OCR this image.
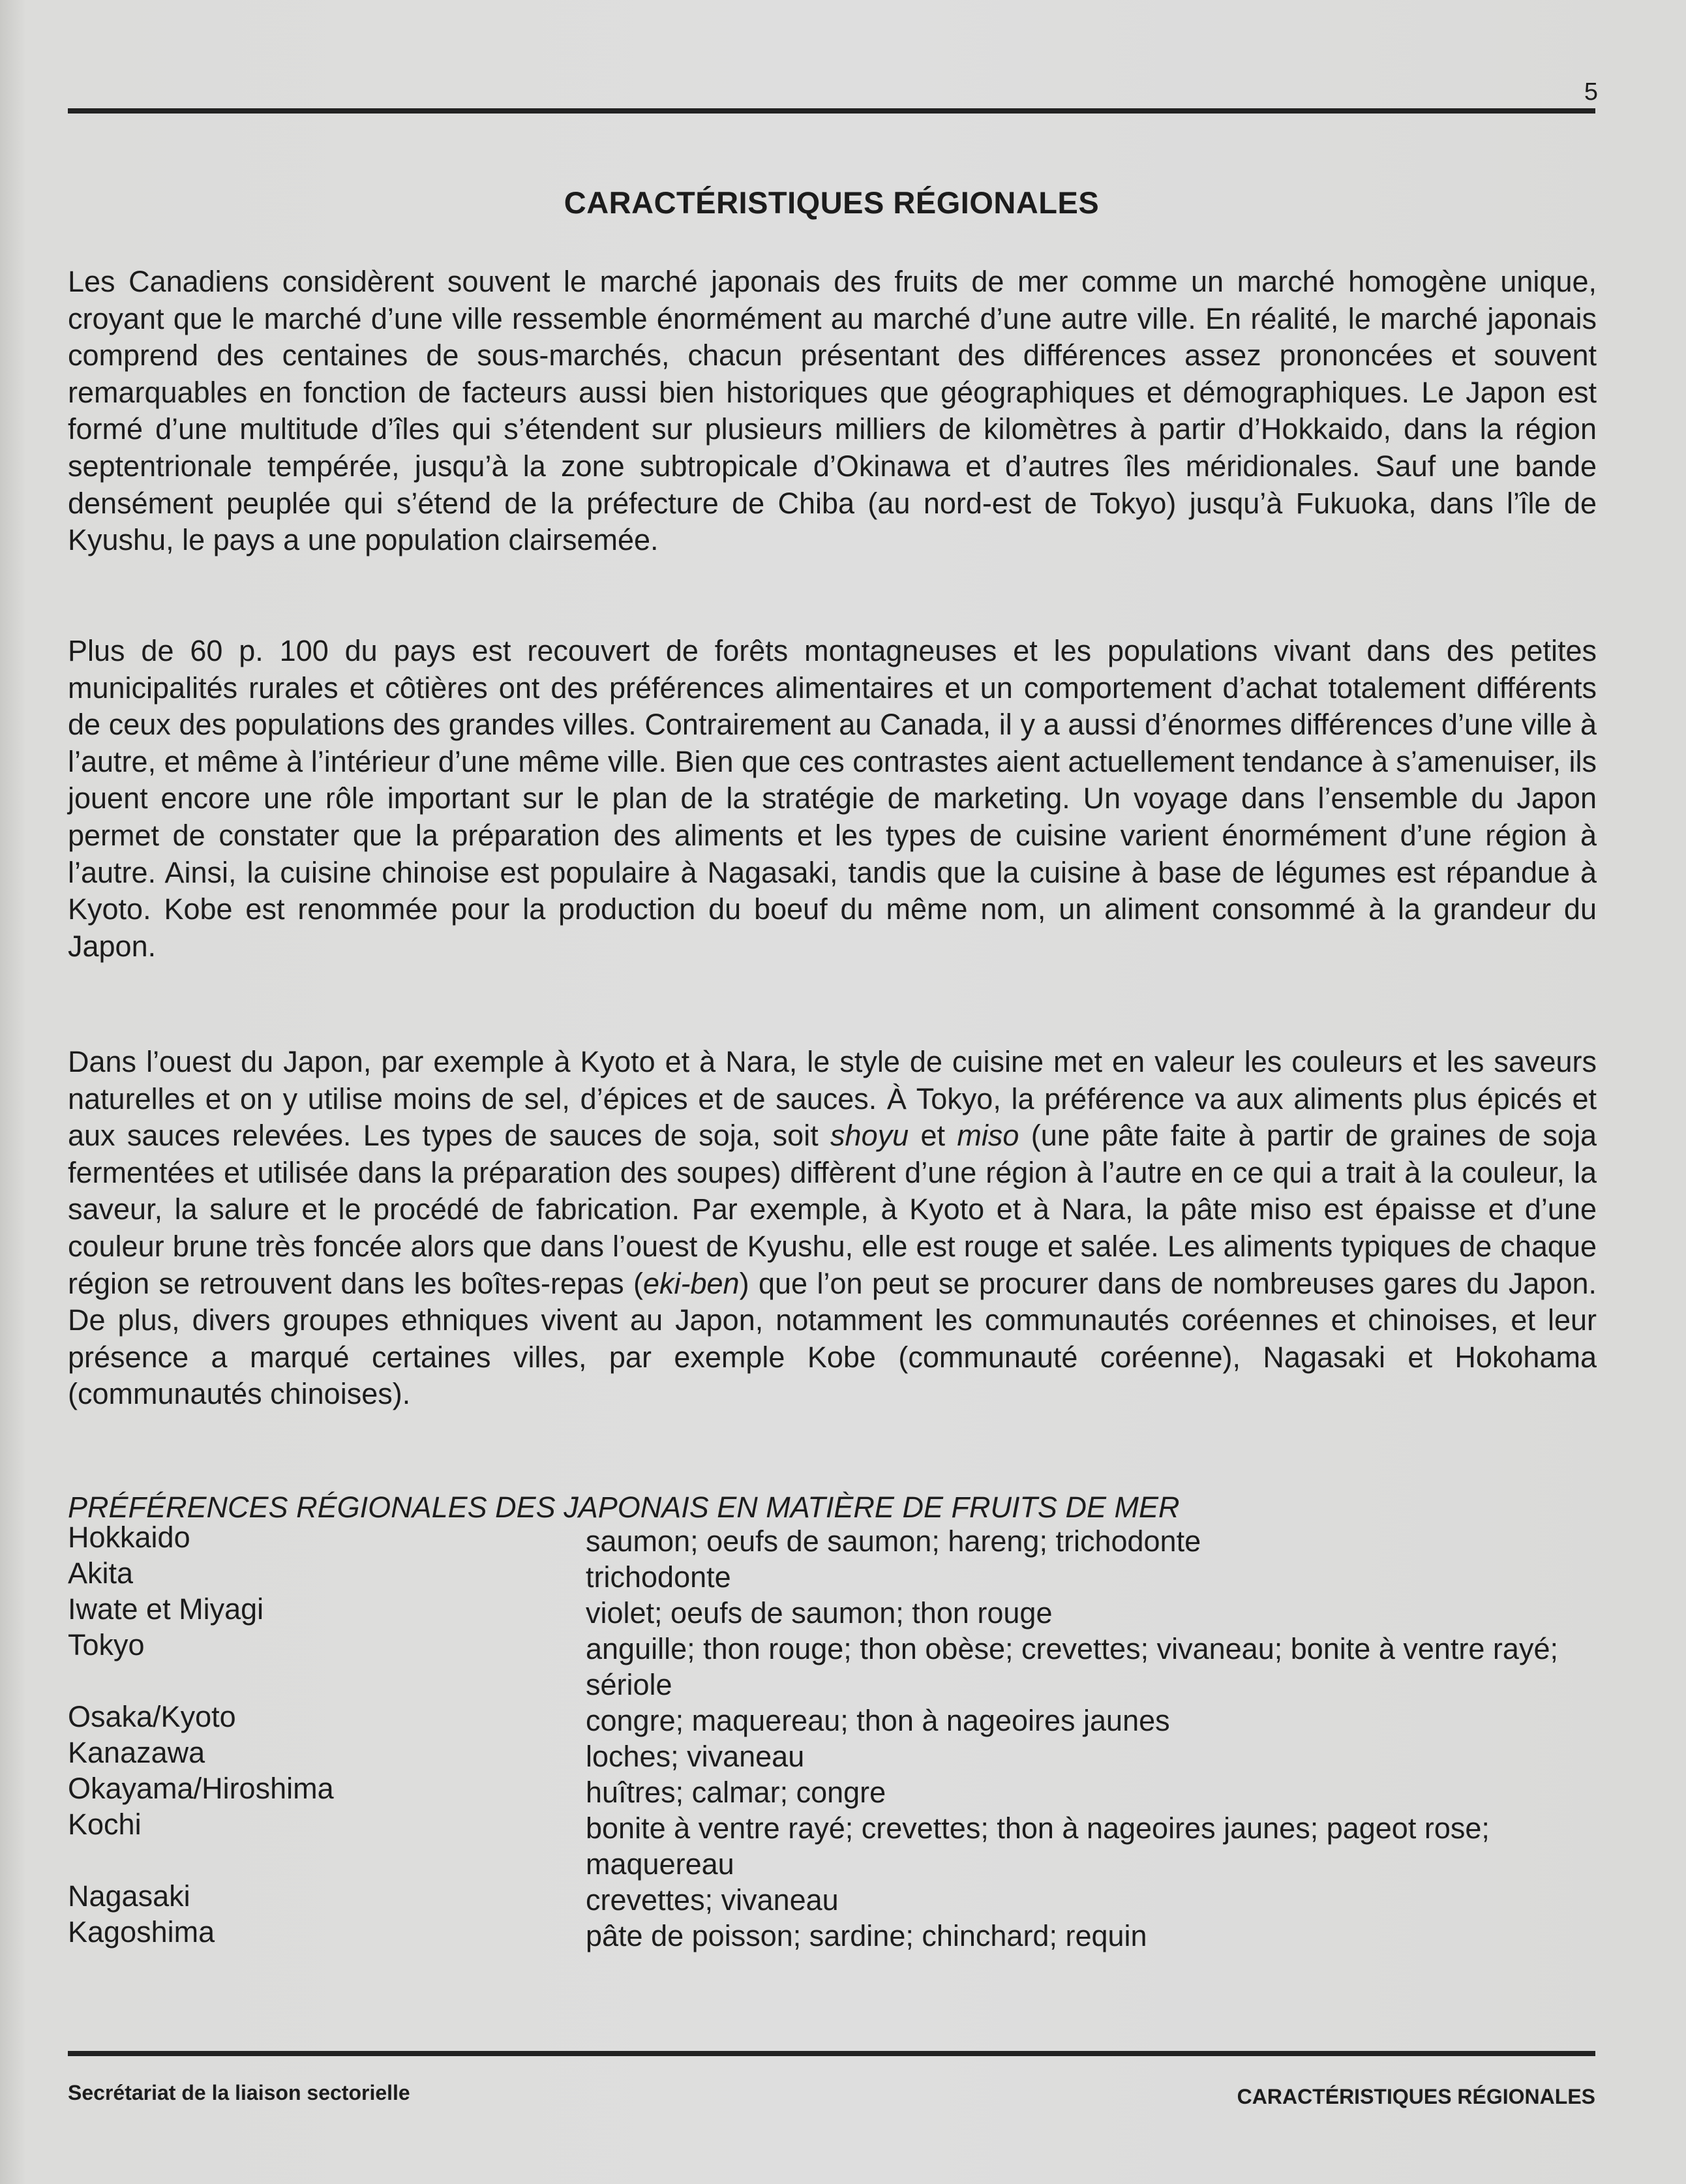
5
CARACTÉRISTIQUES RÉGIONALES

Les Canadiens considèrent souvent le marché japonais des fruits de mer comme un marché homogène unique, croyant que le marché d’une ville ressemble énormément au marché d’une autre ville. En réalité, le marché japonais comprend des centaines de sous-marchés, chacun présentant des différences assez prononcées et souvent remarquables en fonction de facteurs aussi bien historiques que géographiques et démographiques. Le Japon est formé d’une multitude d’îles qui s’étendent sur plusieurs milliers de kilomètres à partir d’Hokkaido, dans la région septentrionale tempérée, jusqu’à la zone subtropicale d’Okinawa et d’autres îles méridionales. Sauf une bande densément peuplée qui s’étend de la préfecture de Chiba (au nord-est de Tokyo) jusqu’à Fukuoka, dans l’île de Kyushu, le pays a une population clairsemée.

Plus de 60 p. 100 du pays est recouvert de forêts montagneuses et les populations vivant dans des petites municipalités rurales et côtières ont des préférences alimentaires et un comportement d’achat totalement différents de ceux des populations des grandes villes. Contrairement au Canada, il y a aussi d’énormes différences d’une ville à l’autre, et même à l’intérieur d’une même ville. Bien que ces contrastes aient actuellement tendance à s’amenuiser, ils jouent encore une rôle important sur le plan de la stratégie de marketing. Un voyage dans l’ensemble du Japon permet de constater que la préparation des aliments et les types de cuisine varient énormément d’une région à l’autre. Ainsi, la cuisine chinoise est populaire à Nagasaki, tandis que la cuisine à base de légumes est répandue à Kyoto. Kobe est renommée pour la production du boeuf du même nom, un aliment consommé à la grandeur du Japon.

Dans l’ouest du Japon, par exemple à Kyoto et à Nara, le style de cuisine met en valeur les couleurs et les saveurs naturelles et on y utilise moins de sel, d’épices et de sauces. À Tokyo, la préférence va aux aliments plus épicés et aux sauces relevées. Les types de sauces de soja, soit shoyu et miso (une pâte faite à partir de graines de soja fermentées et utilisée dans la préparation des soupes) diffèrent d’une région à l’autre en ce qui a trait à la couleur, la saveur, la salure et le procédé de fabrication. Par exemple, à Kyoto et à Nara, la pâte miso est épaisse et d’une couleur brune très foncée alors que dans l’ouest de Kyushu, elle est rouge et salée. Les aliments typiques de chaque région se retrouvent dans les boîtes-repas (eki-ben) que l’on peut se procurer dans de nombreuses gares du Japon. De plus, divers groupes ethniques vivent au Japon, notamment les communautés coréennes et chinoises, et leur présence a marqué certaines villes, par exemple Kobe (communauté coréenne), Nagasaki et Hokohama (communautés chinoises).

PRÉFÉRENCES RÉGIONALES DES JAPONAIS EN MATIÈRE DE FRUITS DE MER
Hokkaido	saumon; oeufs de saumon; hareng; trichodonte
Akita	trichodonte
Iwate et Miyagi	violet; oeufs de saumon; thon rouge
Tokyo	anguille; thon rouge; thon obèse; crevettes; vivaneau; bonite à ventre rayé; sériole
Osaka/Kyoto	congre; maquereau; thon à nageoires jaunes
Kanazawa	loches; vivaneau
Okayama/Hiroshima	huîtres; calmar; congre
Kochi	bonite à ventre rayé; crevettes; thon à nageoires jaunes; pageot rose; maquereau
Nagasaki	crevettes; vivaneau
Kagoshima	pâte de poisson; sardine; chinchard; requin
Secrétariat de la liaison sectorielle	CARACTÉRISTIQUES RÉGIONALES
